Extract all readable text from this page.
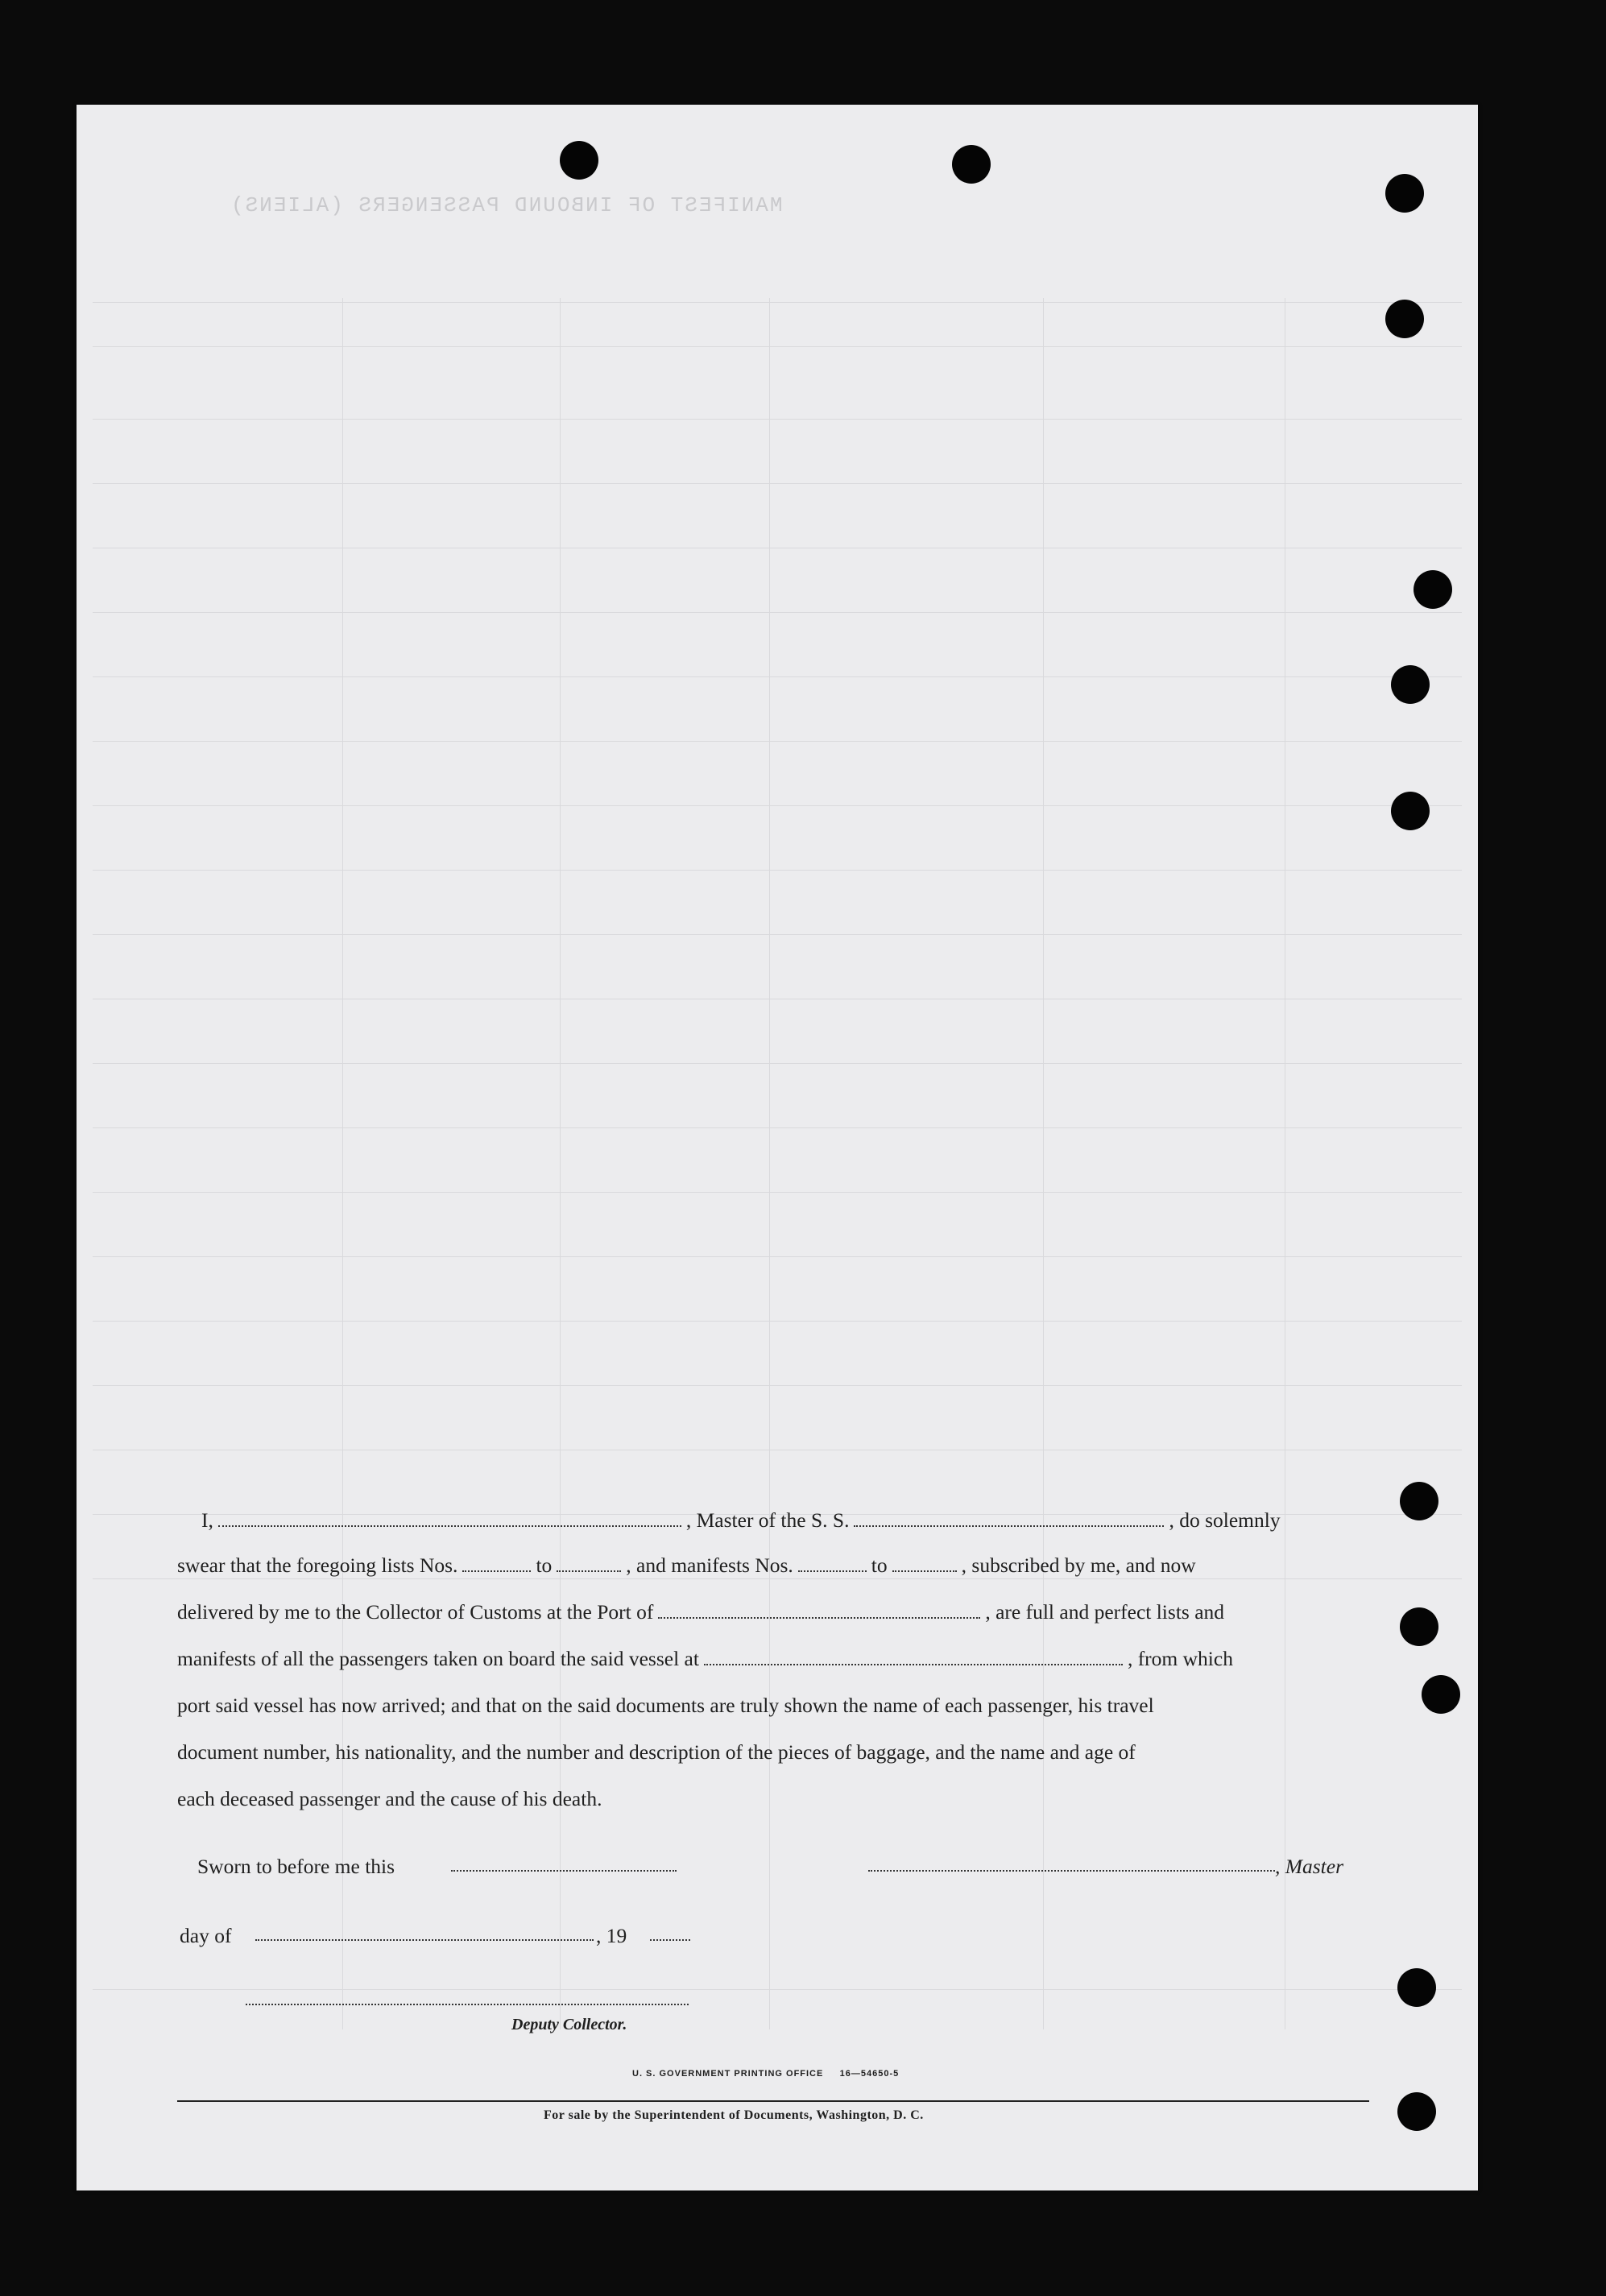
MANIFEST OF INBOUND PASSENGERS (ALIENS)
I,	, Master of the S. S.	, do solemnly
swear that the foregoing lists Nos.	to	, and manifests Nos.	to	, subscribed by me, and now
delivered by me to the Collector of Customs at the Port of	, are full and perfect lists and
manifests of all the passengers taken on board the said vessel at	, from which
port said vessel has now arrived; and that on the said documents are truly shown the name of each passenger, his travel
document number, his nationality, and the number and description of the pieces of baggage, and the name and age of
each deceased passenger and the cause of his death.
Sworn to before me this	, Master
day of	, 19
Deputy Collector.
U. S. GOVERNMENT PRINTING OFFICE     16—54650-5
For sale by the Superintendent of Documents, Washington, D. C.
